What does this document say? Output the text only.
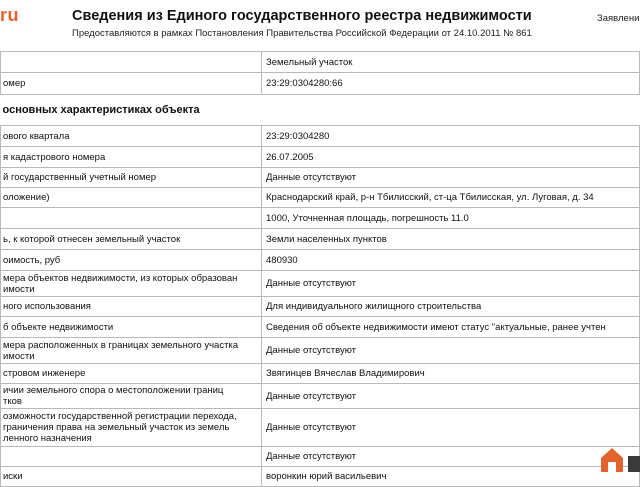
ru	Сведения из Единого государственного реестра недвижимости
Предоставляются в рамках Постановления Правительства Российской Федерации от 24.10.2011 № 861
Заявлени
	Земельный участок
омер	23:29:0304280:66
основных характеристиках объекта	
ового квартала	23:29:0304280
я кадастрового номера	26.07.2005
й государственный учетный номер	Данные отсутствуют
оложение)	Краснодарский край, р-н Тбилисский, ст-ца Тбилисская, ул. Луговая, д. 34
	1000, Уточненная площадь, погрешность 11.0
ь, к которой отнесен земельный участок	Земли населенных пунктов
оимость, руб	480930
мера объектов недвижимости, из которых образован
имости	Данные отсутствуют
ного использования	Для индивидуального жилищного строительства
б объекте недвижимости	Сведения об объекте недвижимости имеют статус "актуальные, ранее учтен
мера расположенных в границах земельного участка
имости	Данные отсутствуют
стровом инженере	Звягинцев Вячеслав Владимирович
ичии земельного спора о местоположении границ
тков	Данные отсутствуют
озможности государственной регистрации перехода,
граничения права на земельный участок из земель
ленного назначения	Данные отсутствуют
	Данные отсутствуют
иски	воронкин юрий васильевич
